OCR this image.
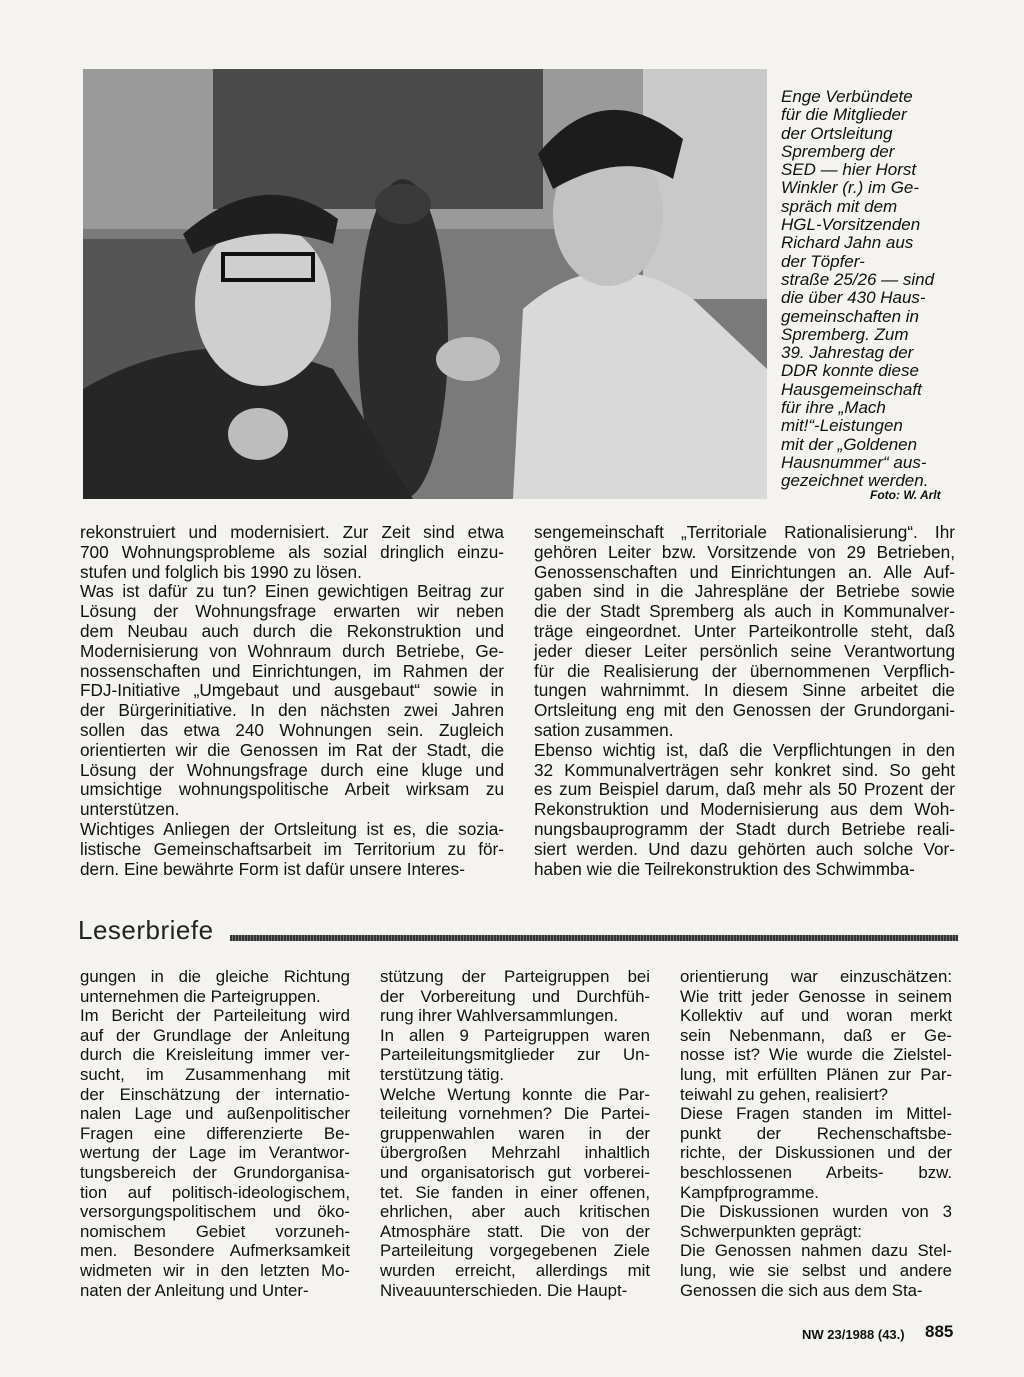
Enge Verbündete
für die Mitglieder
der Ortsleitung
Spremberg der
SED — hier Horst
Winkler (r.) im Ge-
spräch mit dem
HGL-Vorsitzenden
Richard Jahn aus
der Töpfer-
straße 25/26 — sind
die über 430 Haus-
gemeinschaften in
Spremberg. Zum
39. Jahrestag der
DDR konnte diese
Hausgemeinschaft
für ihre „Mach
mit!“-Leistungen
mit der „Goldenen
Hausnummer“ aus-
gezeichnet werden.
Foto: W. Arlt
rekonstruiert und modernisiert. Zur Zeit sind etwa
700 Wohnungsprobleme als sozial dringlich einzu-
stufen und folglich bis 1990 zu lösen.
Was ist dafür zu tun? Einen gewichtigen Beitrag zur
Lösung der Wohnungsfrage erwarten wir neben
dem Neubau auch durch die Rekonstruktion und
Modernisierung von Wohnraum durch Betriebe, Ge-
nossenschaften und Einrichtungen, im Rahmen der
FDJ-Initiative „Umgebaut und ausgebaut“ sowie in
der Bürgerinitiative. In den nächsten zwei Jahren
sollen das etwa 240 Wohnungen sein. Zugleich
orientierten wir die Genossen im Rat der Stadt, die
Lösung der Wohnungsfrage durch eine kluge und
umsichtige wohnungspolitische Arbeit wirksam zu
unterstützen.
Wichtiges Anliegen der Ortsleitung ist es, die sozia-
listische Gemeinschaftsarbeit im Territorium zu för-
dern. Eine bewährte Form ist dafür unsere Interes-
sengemeinschaft „Territoriale Rationalisierung“. Ihr
gehören Leiter bzw. Vorsitzende von 29 Betrieben,
Genossenschaften und Einrichtungen an. Alle Auf-
gaben sind in die Jahrespläne der Betriebe sowie
die der Stadt Spremberg als auch in Kommunalver-
träge eingeordnet. Unter Parteikontrolle steht, daß
jeder dieser Leiter persönlich seine Verantwortung
für die Realisierung der übernommenen Verpflich-
tungen wahrnimmt. In diesem Sinne arbeitet die
Ortsleitung eng mit den Genossen der Grundorgani-
sation zusammen.
Ebenso wichtig ist, daß die Verpflichtungen in den
32 Kommunalverträgen sehr konkret sind. So geht
es zum Beispiel darum, daß mehr als 50 Prozent der
Rekonstruktion und Modernisierung aus dem Woh-
nungsbauprogramm der Stadt durch Betriebe reali-
siert werden. Und dazu gehörten auch solche Vor-
haben wie die Teilrekonstruktion des Schwimmba-
Leserbriefe
gungen in die gleiche Richtung
unternehmen die Parteigruppen.
Im Bericht der Parteileitung wird
auf der Grundlage der Anleitung
durch die Kreisleitung immer ver-
sucht, im Zusammenhang mit
der Einschätzung der internatio-
nalen Lage und außenpolitischer
Fragen eine differenzierte Be-
wertung der Lage im Verantwor-
tungsbereich der Grundorganisa-
tion auf politisch-ideologischem,
versorgungspolitischem und öko-
nomischem Gebiet vorzuneh-
men. Besondere Aufmerksamkeit
widmeten wir in den letzten Mo-
naten der Anleitung und Unter-
stützung der Parteigruppen bei
der Vorbereitung und Durchfüh-
rung ihrer Wahlversammlungen.
In allen 9 Parteigruppen waren
Parteileitungsmitglieder zur Un-
terstützung tätig.
Welche Wertung konnte die Par-
teileitung vornehmen? Die Partei-
gruppenwahlen waren in der
übergroßen Mehrzahl inhaltlich
und organisatorisch gut vorberei-
tet. Sie fanden in einer offenen,
ehrlichen, aber auch kritischen
Atmosphäre statt. Die von der
Parteileitung vorgegebenen Ziele
wurden erreicht, allerdings mit
Niveauunterschieden. Die Haupt-
orientierung war einzuschätzen:
Wie tritt jeder Genosse in seinem
Kollektiv auf und woran merkt
sein Nebenmann, daß er Ge-
nosse ist? Wie wurde die Zielstel-
lung, mit erfüllten Plänen zur Par-
teiwahl zu gehen, realisiert?
Diese Fragen standen im Mittel-
punkt der Rechenschaftsbe-
richte, der Diskussionen und der
beschlossenen Arbeits- bzw.
Kampfprogramme.
Die Diskussionen wurden von 3
Schwerpunkten geprägt:
Die Genossen nahmen dazu Stel-
lung, wie sie selbst und andere
Genossen die sich aus dem Sta-
NW 23/1988 (43.) 885
